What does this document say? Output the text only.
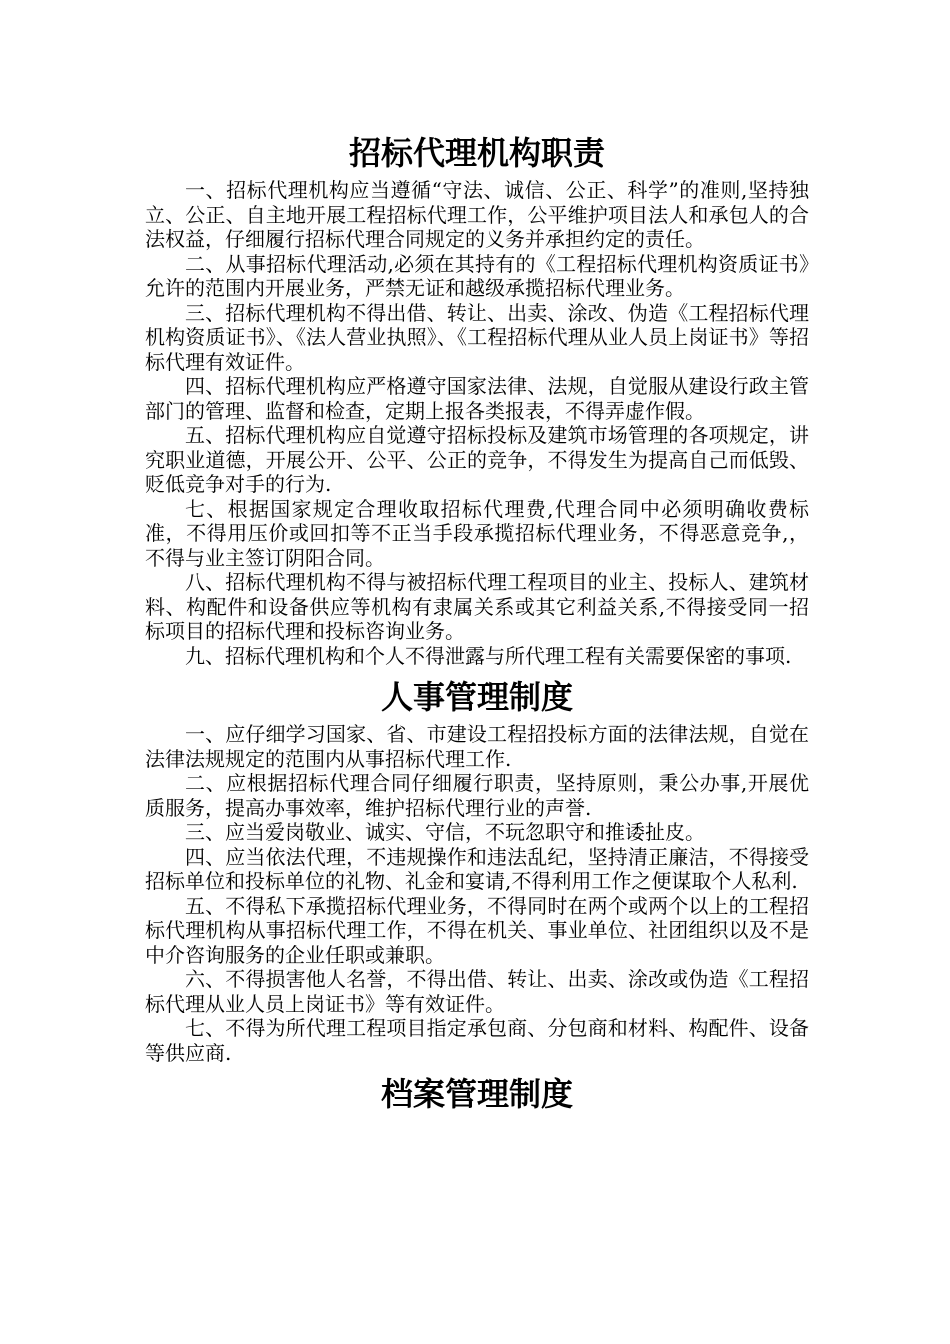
招标代理机构职责

一、招标代理机构应当遵循“守法、诚信、公正、科学”的准则,坚持独立、公正、自主地开展工程招标代理工作，公平维护项目法人和承包人的合法权益，仔细履行招标代理合同规定的义务并承担约定的责任。

二、从事招标代理活动,必须在其持有的《工程招标代理机构资质证书》允许的范围内开展业务，严禁无证和越级承揽招标代理业务。

三、招标代理机构不得出借、转让、出卖、涂改、伪造《工程招标代理机构资质证书》、《法人营业执照》、《工程招标代理从业人员上岗证书》等招标代理有效证件。

四、招标代理机构应严格遵守国家法律、法规，自觉服从建设行政主管部门的管理、监督和检查，定期上报各类报表，不得弄虚作假。

五、招标代理机构应自觉遵守招标投标及建筑市场管理的各项规定，讲究职业道德，开展公开、公平、公正的竞争，不得发生为提高自己而低毁、贬低竞争对手的行为.

七、根据国家规定合理收取招标代理费,代理合同中必须明确收费标准，不得用压价或回扣等不正当手段承揽招标代理业务，不得恶意竞争,，不得与业主签订阴阳合同。

八、招标代理机构不得与被招标代理工程项目的业主、投标人、建筑材料、构配件和设备供应等机构有隶属关系或其它利益关系,不得接受同一招标项目的招标代理和投标咨询业务。

九、招标代理机构和个人不得泄露与所代理工程有关需要保密的事项.

人事管理制度

一、应仔细学习国家、省、市建设工程招投标方面的法律法规，自觉在法律法规规定的范围内从事招标代理工作.

二、应根据招标代理合同仔细履行职责，坚持原则，秉公办事,开展优质服务，提高办事效率，维护招标代理行业的声誉.

三、应当爱岗敬业、诚实、守信，不玩忽职守和推诿扯皮。

四、应当依法代理，不违规操作和违法乱纪，坚持清正廉洁，不得接受招标单位和投标单位的礼物、礼金和宴请,不得利用工作之便谋取个人私利.

五、不得私下承揽招标代理业务，不得同时在两个或两个以上的工程招标代理机构从事招标代理工作，不得在机关、事业单位、社团组织以及不是中介咨询服务的企业任职或兼职。

六、不得损害他人名誉，不得出借、转让、出卖、涂改或伪造《工程招标代理从业人员上岗证书》等有效证件。

七、不得为所代理工程项目指定承包商、分包商和材料、构配件、设备等供应商.

档案管理制度
